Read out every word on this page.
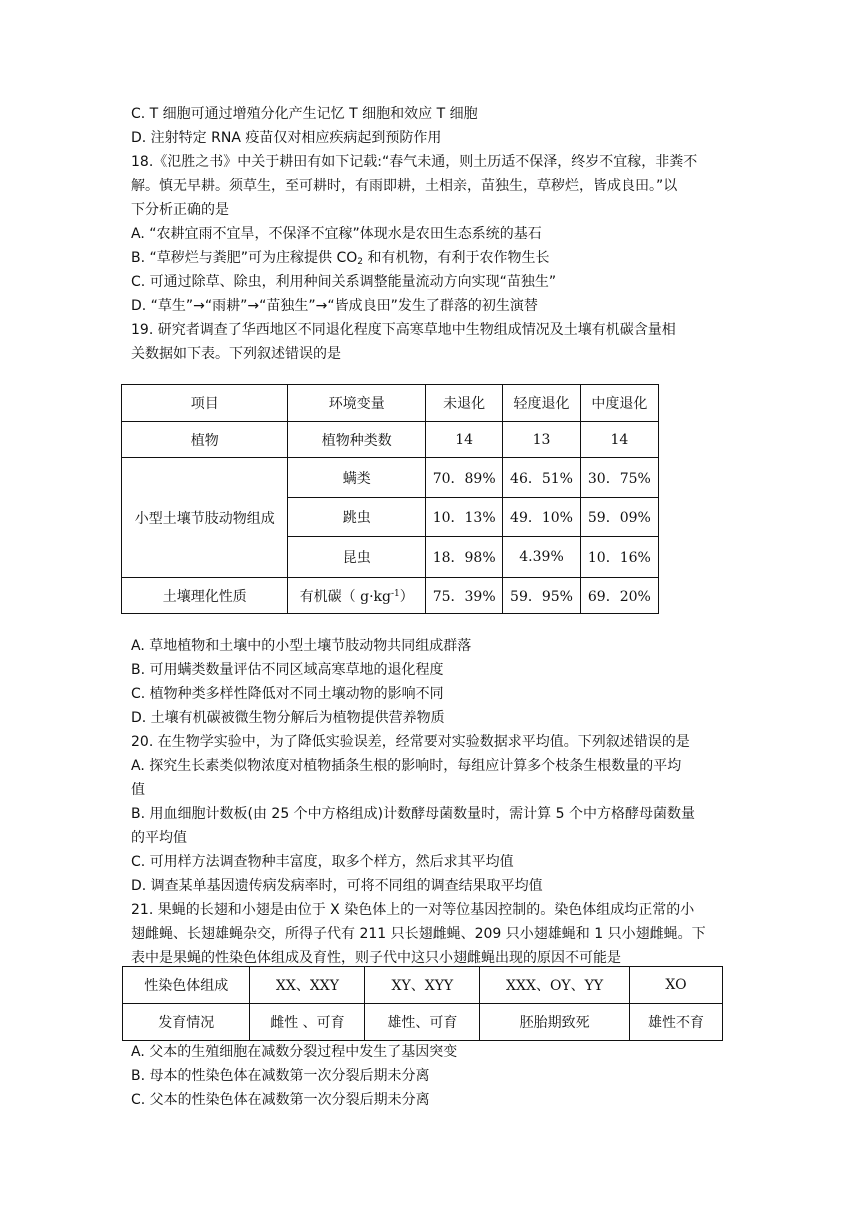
C. T 细胞可通过增殖分化产生记忆 T 细胞和效应 T 细胞
D. 注射特定 RNA 疫苗仅对相应疾病起到预防作用
18.《氾胜之书》中关于耕田有如下记载:“春气未通，则土历适不保泽，终岁不宜稼，非粪不
解。慎无早耕。须草生，至可耕时，有雨即耕，土相亲，苗独生，草秽烂，皆成良田。”以
下分析正确的是
A. “农耕宜雨不宜旱，不保泽不宜稼”体现水是农田生态系统的基石
B. “草秽烂与粪肥”可为庄稼提供 $CO_2$ 和有机物，有利于农作物生长
C. 可通过除草、除虫，利用种间关系调整能量流动方向实现“苗独生”
D. “草生”→“雨耕”→“苗独生”→“皆成良田”发生了群落的初生演替
19. 研究者调查了华西地区不同退化程度下高寒草地中生物组成情况及土壤有机碳含量相
关数据如下表。下列叙述错误的是
项目	环境变量	未退化	轻度退化	中度退化
植物	植物种类数	14	13	14
小型土壤节肢动物组成	螨类	70．89%	46．51%	30．75%
	跳虫	10．13%	49．10%	59．09%
	昆虫	18．98%	4.39%	10．16%
土壤理化性质	有机碳（ $g\cdot kg^{-1}$）	75．39%	59．95%	69．20%
A. 草地植物和土壤中的小型土壤节肢动物共同组成群落
B. 可用螨类数量评估不同区域高寒草地的退化程度
C. 植物种类多样性降低对不同土壤动物的影响不同
D. 土壤有机碳被微生物分解后为植物提供营养物质
20. 在生物学实验中，为了降低实验误差，经常要对实验数据求平均值。下列叙述错误的是
A. 探究生长素类似物浓度对植物插条生根的影响时，每组应计算多个枝条生根数量的平均
值
B. 用血细胞计数板(由 25 个中方格组成)计数酵母菌数量时，需计算 5 个中方格酵母菌数量
的平均值
C. 可用样方法调查物种丰富度，取多个样方，然后求其平均值
D. 调查某单基因遗传病发病率时，可将不同组的调查结果取平均值
21. 果蝇的长翅和小翅是由位于 X 染色体上的一对等位基因控制的。染色体组成均正常的小
翅雌蝇、长翅雄蝇杂交，所得子代有 211 只长翅雌蝇、209 只小翅雄蝇和 1 只小翅雌蝇。下
表中是果蝇的性染色体组成及育性，则子代中这只小翅雌蝇出现的原因不可能是
性染色体组成	XX、XXY	XY、XYY	XXX、OY、YY	XO
发育情况	雌性 、可育	雄性、可育	胚胎期致死	雄性不育
A. 父本的生殖细胞在减数分裂过程中发生了基因突变
B. 母本的性染色体在减数第一次分裂后期未分离
C. 父本的性染色体在减数第一次分裂后期未分离
